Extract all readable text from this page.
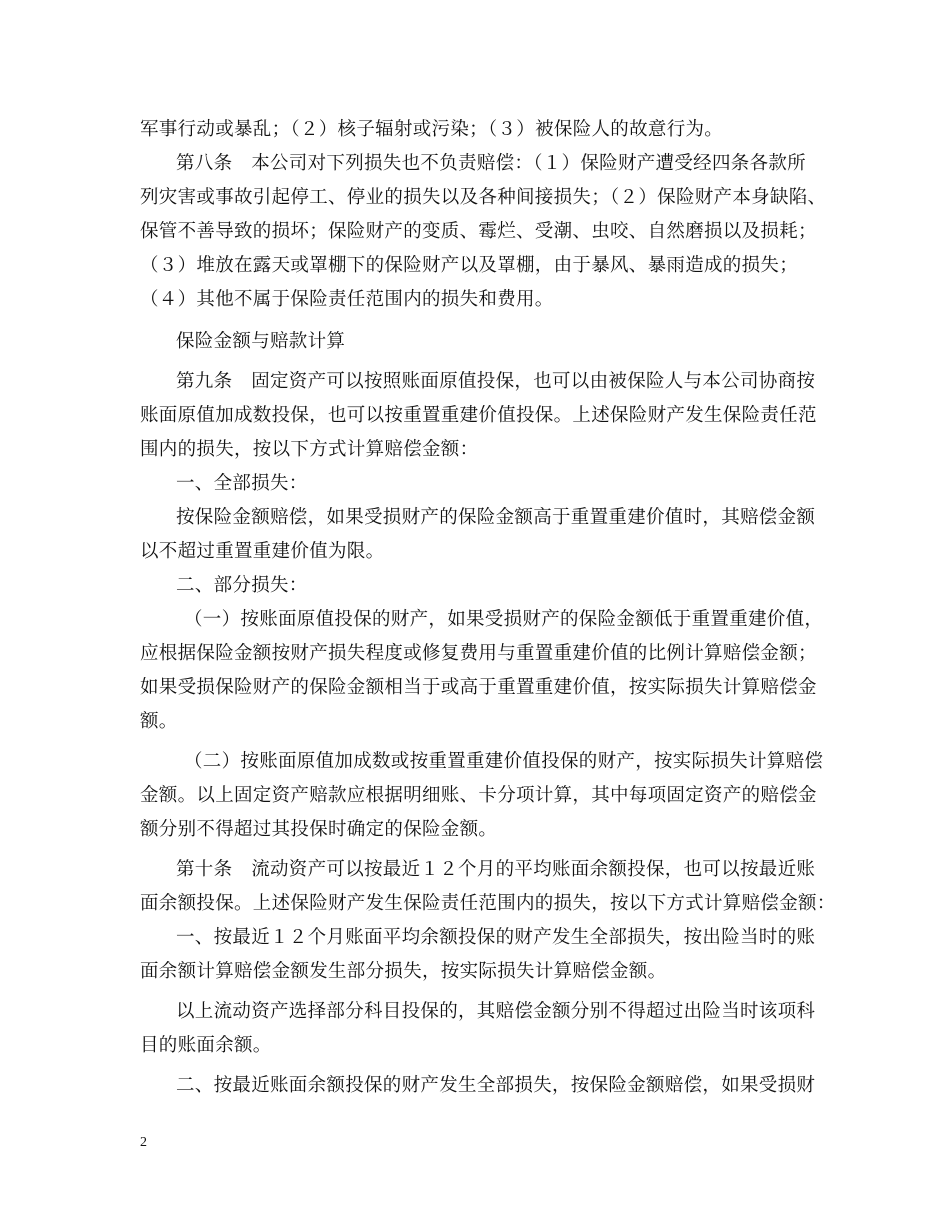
军事行动或暴乱；（２）核子辐射或污染；（３）被保险人的故意行为。
第八条　本公司对下列损失也不负责赔偿：（１）保险财产遭受经四条各款所
列灾害或事故引起停工、停业的损失以及各种间接损失；（２）保险财产本身缺陷、
保管不善导致的损坏；保险财产的变质、霉烂、受潮、虫咬、自然磨损以及损耗；
（３）堆放在露天或罩棚下的保险财产以及罩棚，由于暴风、暴雨造成的损失；
（４）其他不属于保险责任范围内的损失和费用。
保险金额与赔款计算
第九条　固定资产可以按照账面原值投保，也可以由被保险人与本公司协商按
账面原值加成数投保，也可以按重置重建价值投保。上述保险财产发生保险责任范
围内的损失，按以下方式计算赔偿金额：
一、全部损失：
按保险金额赔偿，如果受损财产的保险金额高于重置重建价值时，其赔偿金额
以不超过重置重建价值为限。
二、部分损失：
（一）按账面原值投保的财产，如果受损财产的保险金额低于重置重建价值，
应根据保险金额按财产损失程度或修复费用与重置重建价值的比例计算赔偿金额；
如果受损保险财产的保险金额相当于或高于重置重建价值，按实际损失计算赔偿金
额。
（二）按账面原值加成数或按重置重建价值投保的财产，按实际损失计算赔偿
金额。以上固定资产赔款应根据明细账、卡分项计算，其中每项固定资产的赔偿金
额分别不得超过其投保时确定的保险金额。
第十条　流动资产可以按最近１２个月的平均账面余额投保，也可以按最近账
面余额投保。上述保险财产发生保险责任范围内的损失，按以下方式计算赔偿金额：
一、按最近１２个月账面平均余额投保的财产发生全部损失，按出险当时的账
面余额计算赔偿金额发生部分损失，按实际损失计算赔偿金额。
以上流动资产选择部分科目投保的，其赔偿金额分别不得超过出险当时该项科
目的账面余额。
二、按最近账面余额投保的财产发生全部损失，按保险金额赔偿，如果受损财
2
